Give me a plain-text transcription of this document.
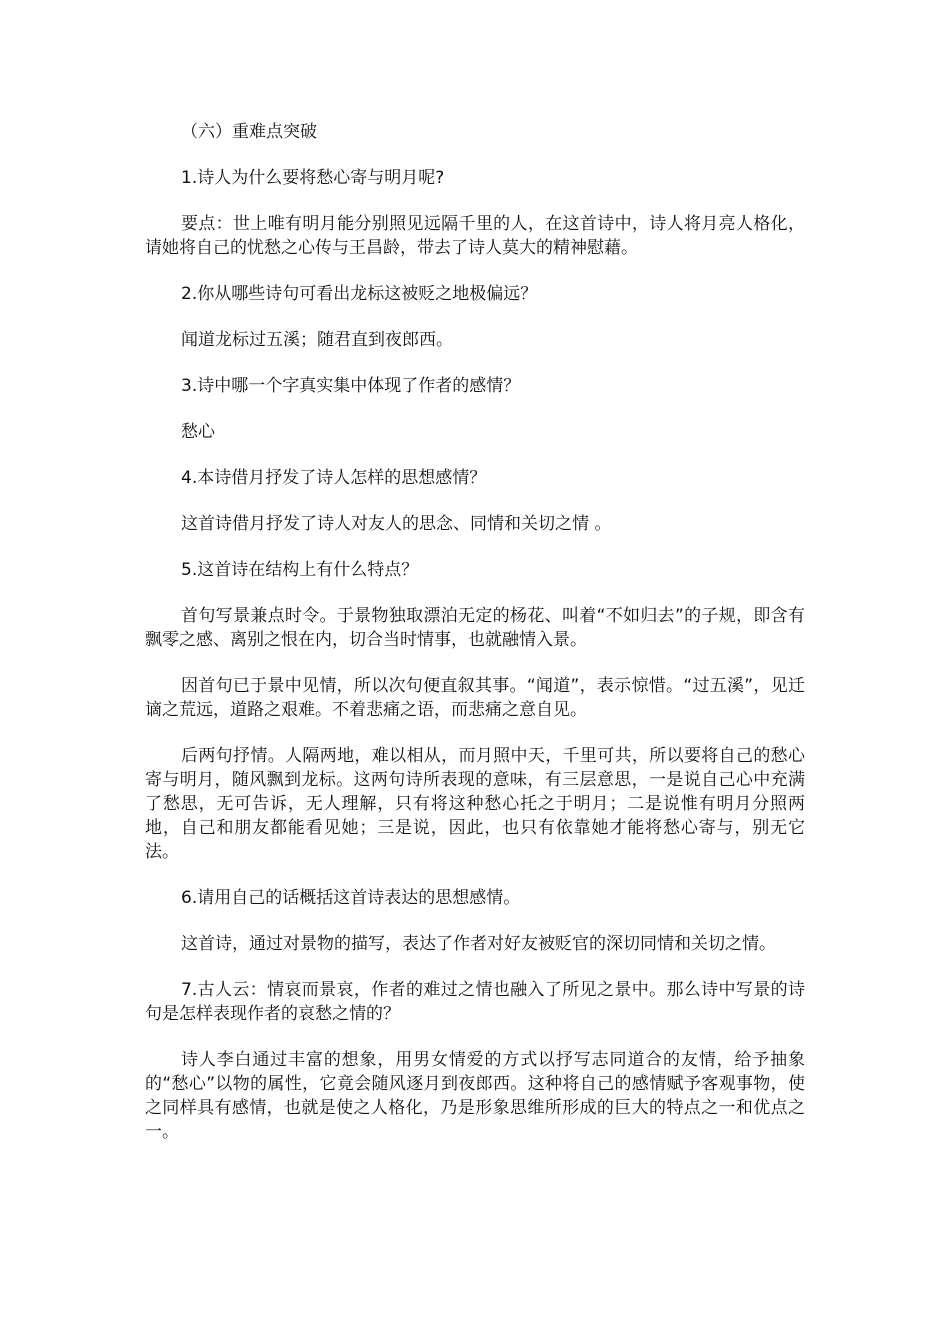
（六）重难点突破

1.诗人为什么要将愁心寄与明月呢?

要点：世上唯有明月能分别照见远隔千里的人，在这首诗中，诗人将月亮人格化，请她将自己的忧愁之心传与王昌龄，带去了诗人莫大的精神慰藉。

2.你从哪些诗句可看出龙标这被贬之地极偏远？

闻道龙标过五溪；随君直到夜郎西。

3.诗中哪一个字真实集中体现了作者的感情？

愁心

4.本诗借月抒发了诗人怎样的思想感情？

这首诗借月抒发了诗人对友人的思念、同情和关切之情 。

5.这首诗在结构上有什么特点？

首句写景兼点时令。于景物独取漂泊无定的杨花、叫着“不如归去”的子规，即含有飘零之感、离别之恨在内，切合当时情事，也就融情入景。

因首句已于景中见情，所以次句便直叙其事。“闻道”，表示惊惜。“过五溪”，见迁谪之荒远，道路之艰难。不着悲痛之语，而悲痛之意自见。

后两句抒情。人隔两地，难以相从，而月照中天，千里可共，所以要将自己的愁心寄与明月，随风飘到龙标。这两句诗所表现的意味，有三层意思，一是说自己心中充满了愁思，无可告诉，无人理解，只有将这种愁心托之于明月；二是说惟有明月分照两地，自己和朋友都能看见她；三是说，因此，也只有依靠她才能将愁心寄与，别无它法。

6.请用自己的话概括这首诗表达的思想感情。

这首诗，通过对景物的描写，表达了作者对好友被贬官的深切同情和关切之情。

7.古人云：情哀而景哀，作者的难过之情也融入了所见之景中。那么诗中写景的诗句是怎样表现作者的哀愁之情的？

诗人李白通过丰富的想象，用男女情爱的方式以抒写志同道合的友情，给予抽象的“愁心”以物的属性，它竟会随风逐月到夜郎西。这种将自己的感情赋予客观事物，使之同样具有感情，也就是使之人格化，乃是形象思维所形成的巨大的特点之一和优点之一。
